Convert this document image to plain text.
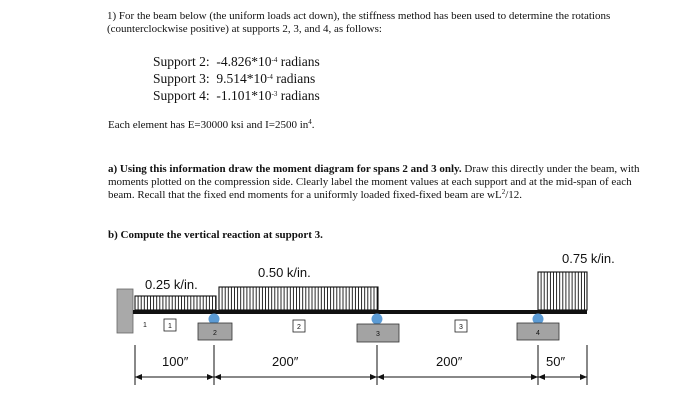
1) For the beam below (the uniform loads act down), the stiffness method has been used to determine the rotations (counterclockwise positive) at supports 2, 3, and 4, as follows:
Support 2: $-4.826*10^{-4}$ radians
Support 3: $9.514*10^{-4}$ radians
Support 4: $-1.101*10^{-3}$ radians
Each element has E=30000 ksi and I=2500 $in^4$.
a) Using this information draw the moment diagram for spans 2 and 3 only. Draw this directly under the beam, with moments plotted on the compression side. Clearly label the moment values at each support and at the mid-span of each beam. Recall that the fixed end moments for a uniformly loaded fixed-fixed beam are $wL^2/12$.
b) Compute the vertical reaction at support 3.
0.25 k/in.
0.50 k/in.
0.75 k/in.
2	3	4
1	1	2	3
100″	200″	200″	50″
